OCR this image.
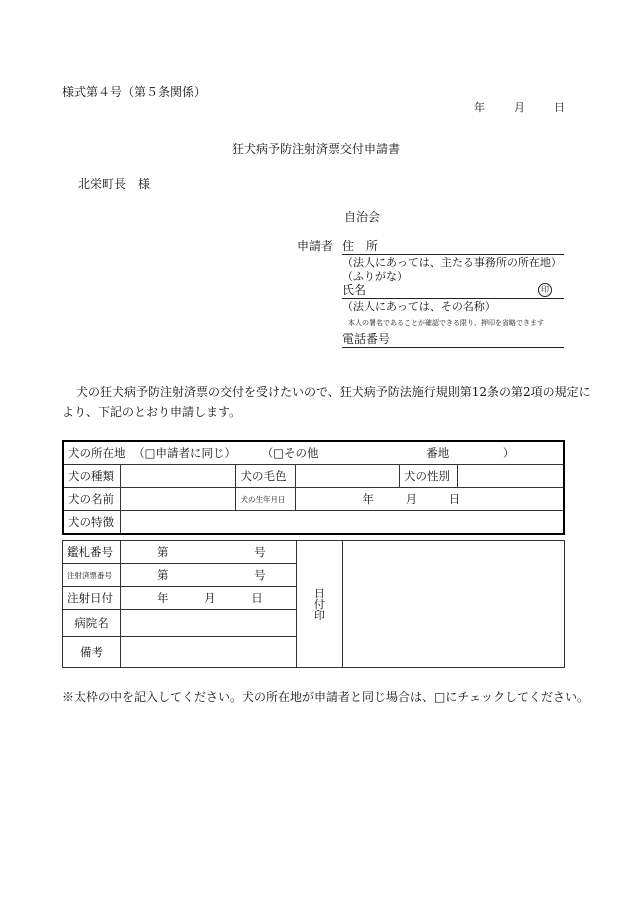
様式第４号（第５条関係）
年	月	日
狂犬病予防注射済票交付申請書
北栄町長　様
自治会
申請者 住　所
（法人にあっては、主たる事務所の所在地）
（ふりがな）
氏名	印
（法人にあっては、その名称）
本人の署名であることが確認できる限り、押印を省略できます
電話番号
犬の狂犬病予防注射済票の交付を受けたいので、狂犬病予防法施行規則第12条の第2項の規定に
より、下記のとおり申請します。
犬の所在地 （□申請者に同じ） （□その他 番地 ）					
犬の種類		犬の毛色		犬の性別	
犬の名前		犬の生年月日	年 月 日		
犬の特徴					
鑑札番号	第 号	日付印	

注射済票番号	第 号		
注射日付	年 月 日		
病院名			
備考			
※太枠の中を記入してください。犬の所在地が申請者と同じ場合は、□にチェックしてください。
